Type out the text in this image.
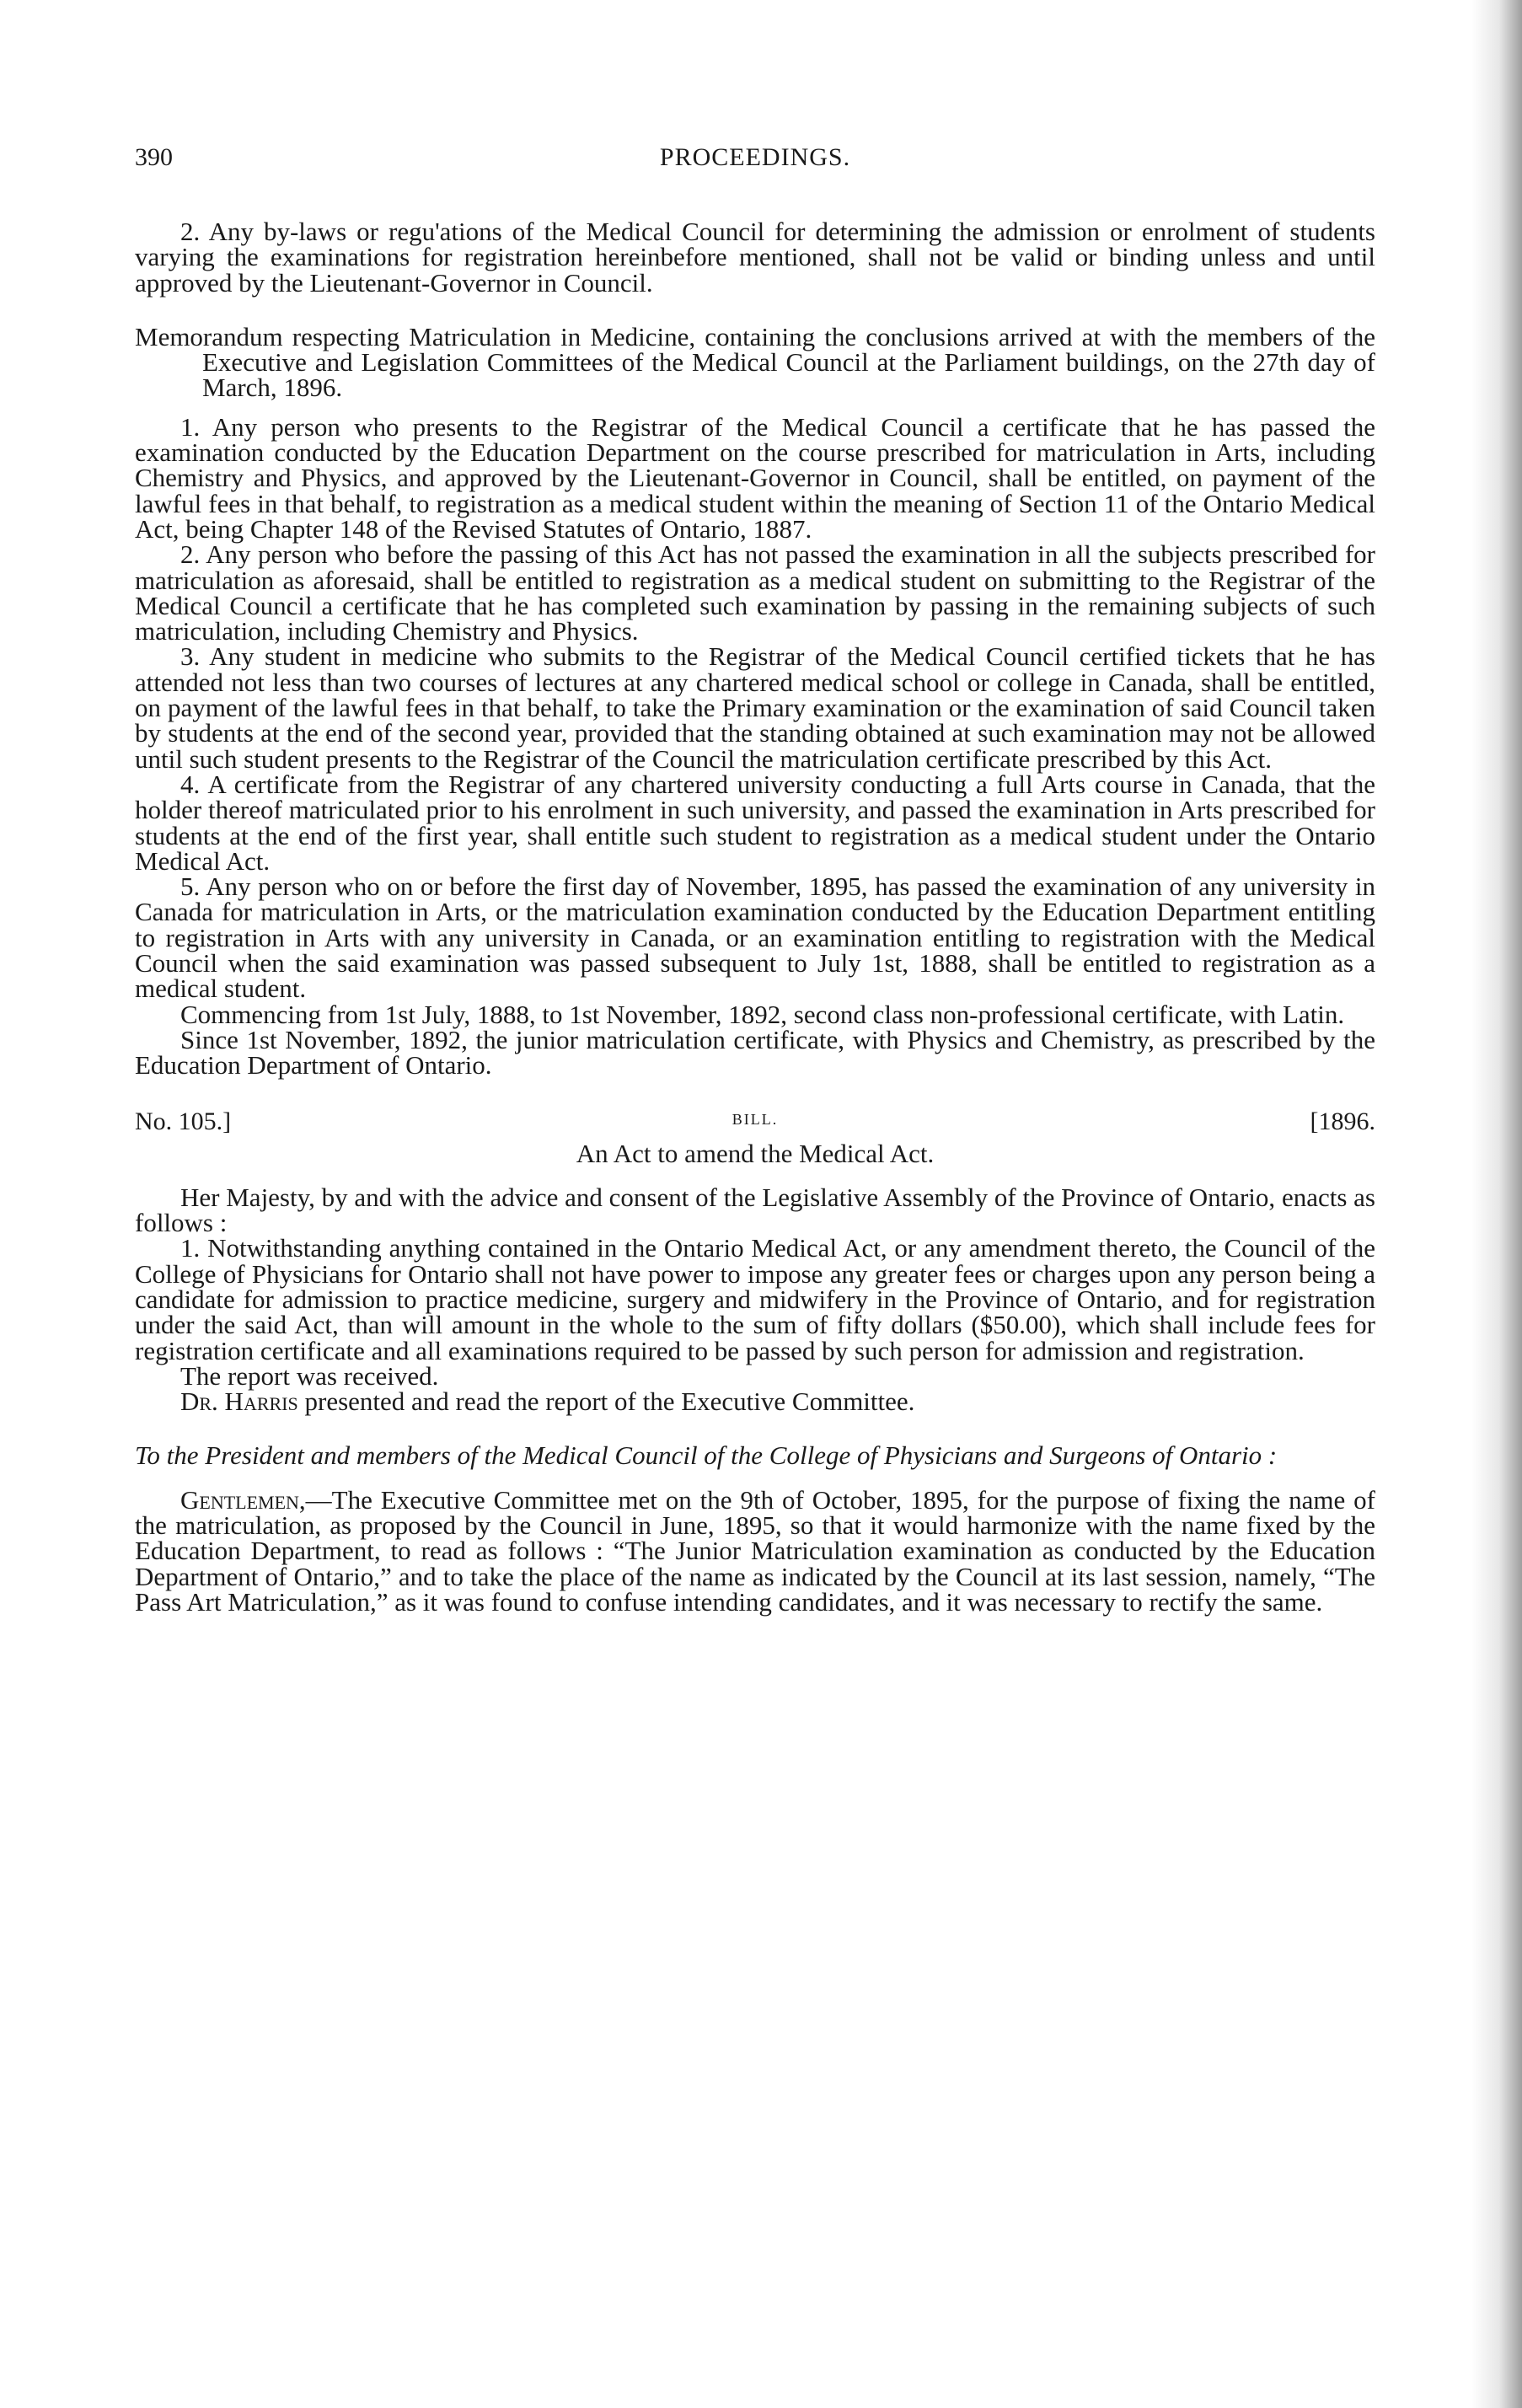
390	PROCEEDINGS.

2. Any by-laws or regu'ations of the Medical Council for determining the admission or enrolment of students varying the examinations for registration hereinbefore mentioned, shall not be valid or binding unless and until approved by the Lieutenant-Governor in Council.

Memorandum respecting Matriculation in Medicine, containing the conclusions arrived at with the members of the Executive and Legislation Committees of the Medical Council at the Parliament buildings, on the 27th day of March, 1896.

1. Any person who presents to the Registrar of the Medical Council a certificate that he has passed the examination conducted by the Education Department on the course prescribed for matriculation in Arts, including Chemistry and Physics, and approved by the Lieutenant-Governor in Council, shall be entitled, on payment of the lawful fees in that behalf, to registration as a medical student within the meaning of Section 11 of the Ontario Medical Act, being Chapter 148 of the Revised Statutes of Ontario, 1887.

2. Any person who before the passing of this Act has not passed the examination in all the subjects prescribed for matriculation as aforesaid, shall be entitled to registration as a medical student on submitting to the Registrar of the Medical Council a certificate that he has completed such examination by passing in the remaining subjects of such matriculation, including Chemistry and Physics.

3. Any student in medicine who submits to the Registrar of the Medical Council certified tickets that he has attended not less than two courses of lectures at any chartered medical school or college in Canada, shall be entitled, on payment of the lawful fees in that behalf, to take the Primary examination or the examination of said Council taken by students at the end of the second year, provided that the standing obtained at such examination may not be allowed until such student presents to the Registrar of the Council the matriculation certificate prescribed by this Act.

4. A certificate from the Registrar of any chartered university conducting a full Arts course in Canada, that the holder thereof matriculated prior to his enrolment in such university, and passed the examination in Arts prescribed for students at the end of the first year, shall entitle such student to registration as a medical student under the Ontario Medical Act.

5. Any person who on or before the first day of November, 1895, has passed the examination of any university in Canada for matriculation in Arts, or the matriculation examination conducted by the Education Department entitling to registration in Arts with any university in Canada, or an examination entitling to registration with the Medical Council when the said examination was passed subsequent to July 1st, 1888, shall be entitled to registration as a medical student.

Commencing from 1st July, 1888, to 1st November, 1892, second class non-professional certificate, with Latin.

Since 1st November, 1892, the junior matriculation certificate, with Physics and Chemistry, as prescribed by the Education Department of Ontario.

No. 105.]	BILL.	[1896.

An Act to amend the Medical Act.

Her Majesty, by and with the advice and consent of the Legislative Assembly of the Province of Ontario, enacts as follows :

1. Notwithstanding anything contained in the Ontario Medical Act, or any amendment thereto, the Council of the College of Physicians for Ontario shall not have power to impose any greater fees or charges upon any person being a candidate for admission to practice medicine, surgery and midwifery in the Province of Ontario, and for registration under the said Act, than will amount in the whole to the sum of fifty dollars ($50.00), which shall include fees for registration certificate and all examinations required to be passed by such person for admission and registration.

The report was received.

Dr. Harris presented and read the report of the Executive Committee.

To the President and members of the Medical Council of the College of Physicians and Surgeons of Ontario :

Gentlemen,—The Executive Committee met on the 9th of October, 1895, for the purpose of fixing the name of the matriculation, as proposed by the Council in June, 1895, so that it would harmonize with the name fixed by the Education Department, to read as follows : “The Junior Matriculation examination as conducted by the Education Department of Ontario,” and to take the place of the name as indicated by the Council at its last session, namely, “The Pass Art Matriculation,” as it was found to confuse intending candidates, and it was necessary to rectify the same.
